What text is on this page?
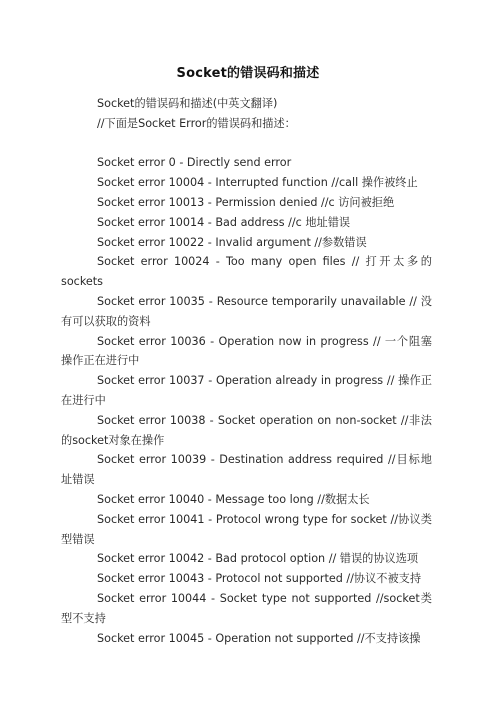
Socket的错误码和描述

Socket的错误码和描述(中英文翻译)

//下面是Socket Error的错误码和描述：

Socket error 0 - Directly send error

Socket error 10004 - Interrupted function //call 操作被终止

Socket error 10013 - Permission denied //c 访问被拒绝

Socket error 10014 - Bad address //c 地址错误

Socket error 10022 - Invalid argument //参数错误

Socket error 10024 - Too many open files // 打开太多的sockets

Socket error 10035 - Resource temporarily unavailable // 没有可以获取的资料

Socket error 10036 - Operation now in progress // 一个阻塞操作正在进行中

Socket error 10037 - Operation already in progress // 操作正在进行中

Socket error 10038 - Socket operation on non-socket //非法的socket对象在操作

Socket error 10039 - Destination address required //目标地址错误

Socket error 10040 - Message too long //数据太长

Socket error 10041 - Protocol wrong type for socket //协议类型错误

Socket error 10042 - Bad protocol option // 错误的协议选项

Socket error 10043 - Protocol not supported //协议不被支持

Socket error 10044 - Socket type not supported //socket类型不支持

Socket error 10045 - Operation not supported //不支持该操
